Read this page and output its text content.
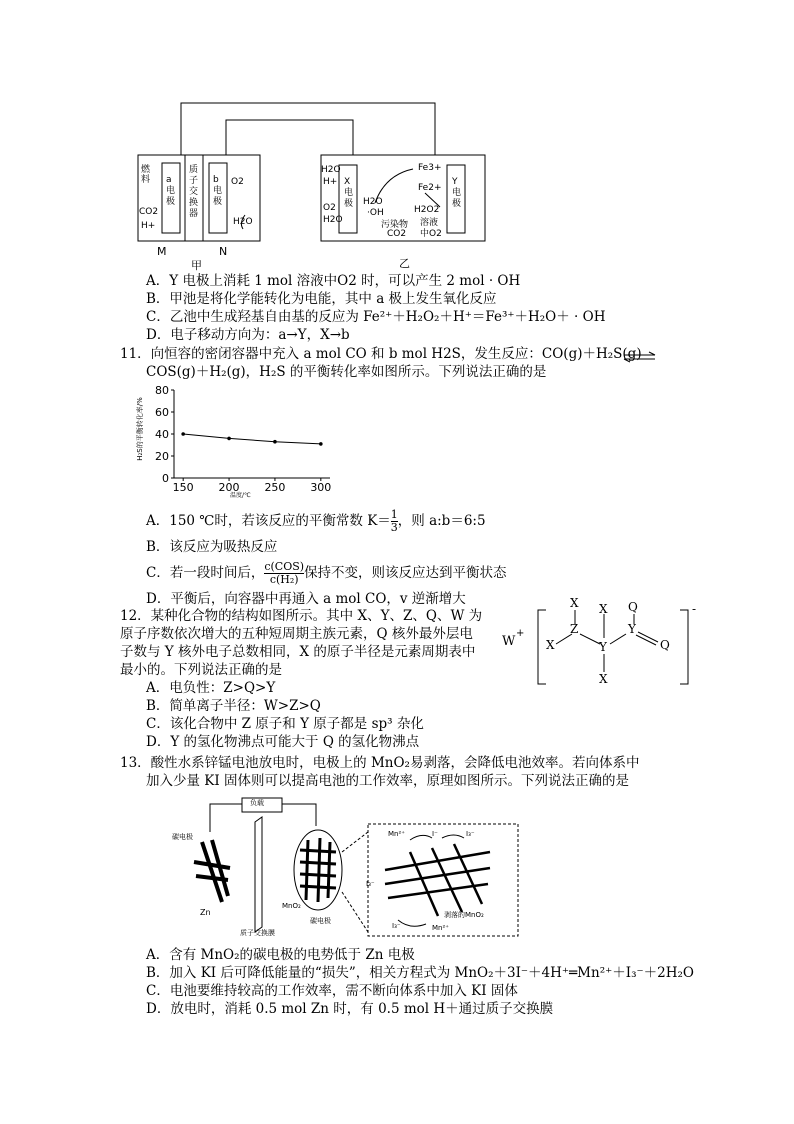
燃料
CO2
H+
a电极
质子交换器
b电极
O2
H2O
M	N
甲
H2O
H+
O2
H2O
X电极 H2O
·OH
污染物
CO2
Fe3+
Fe2+
H2O2
溶液中O2
Y电极
乙
A．Y 电极上消耗 1 mol 溶液中O2 时，可以产生 2 mol · OH
B．甲池是将化学能转化为电能，其中 a 极上发生氧化反应
C．乙池中生成羟基自由基的反应为 Fe²⁺＋H₂O₂＋H⁺＝Fe³⁺＋H₂O＋ · OH
D．电子移动方向为：a→Y，X→b
11．向恒容的密闭容器中充入 a mol CO 和 b mol H2S，发生反应：CO(g)＋H₂S(g)
COS(g)＋H₂(g)，H₂S 的平衡转化率如图所示。下列说法正确的是
0
20
40
60
80
150 200 250 300
H₂S的平衡转化率/%
温度/℃
A．150 ℃时，若该反应的平衡常数 $K= \frac{1}{3}$ ，则 a:b＝6:5
B．该反应为吸热反应
C．若一段时间后， $\frac{\text{c(COS)}}{\text{c(H₂)}}$ 保持不变，则该反应达到平衡状态
D．平衡后，向容器中再通入 a mol CO，v 逆渐增大
12．某种化合物的结构如图所示。其中 X、Y、Z、Q、W 为
原子序数依次增大的五种短周期主族元素，Q 核外最外层电
子数与 Y 核外电子总数相同，X 的原子半径是元素周期表中
最小的。下列说法正确的是
A．电负性：Z>Q>Y
B．简单离子半径：W>Z>Q
C．该化合物中 Z 原子和 Y 原子都是 sp³ 杂化
D．Y 的氢化物沸点可能大于 Q 的氢化物沸点
W
+
X X Q
Z	Y
X	Y	Q
X
-
13．酸性水系锌锰电池放电时，电极上的 MnO₂易剥落，会降低电池效率。若向体系中
加入少量 KI 固体则可以提高电池的工作效率，原理如图所示。下列说法正确的是
负载
碳电极
Zn
质子交换膜
MnO₂
碳电极
Mn²⁺	I⁻	I₃⁻
I₃⁻
I₃⁻
剥落的MnO₂
Mn²⁺
A．含有 MnO₂的碳电极的电势低于 Zn 电极
B．加入 KI 后可降低能量的“损失”，相关方程式为 MnO₂＋3I⁻＋4H⁺═Mn²⁺＋I₃⁻＋2H₂O
C．电池要维持较高的工作效率，需不断向体系中加入 KI 固体
D．放电时，消耗 0.5 mol Zn 时，有 0.5 mol H＋通过质子交换膜
